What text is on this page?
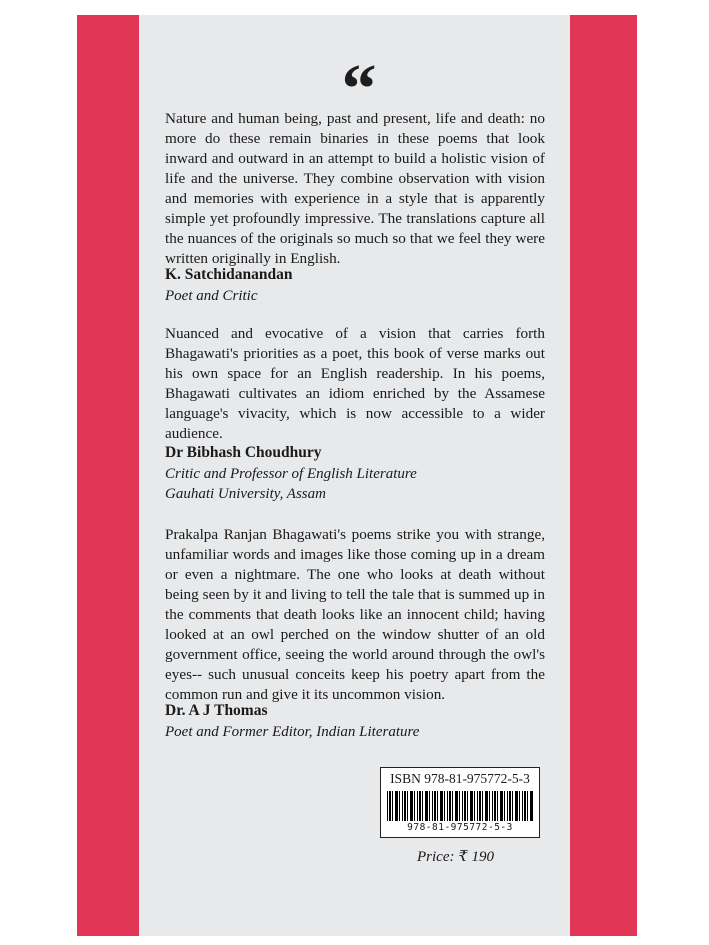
“

Nature and human being, past and present, life and death: no more do these remain binaries in these poems that look inward and outward in an attempt to build a holistic vision of life and the universe. They combine observation with vision and memories with experience in a style that is apparently simple yet profoundly impressive. The translations capture all the nuances of the originals so much so that we feel they were written originally in English.

K. Satchidanandan
Poet and Critic

Nuanced and evocative of a vision that carries forth Bhagawati's priorities as a poet, this book of verse marks out his own space for an English readership. In his poems, Bhagawati cultivates an idiom enriched by the Assamese language's vivacity, which is now accessible to a wider audience.

Dr Bibhash Choudhury
Critic and Professor of English Literature
Gauhati University, Assam

Prakalpa Ranjan Bhagawati's poems strike you with strange, unfamiliar words and images like those coming up in a dream or even a nightmare. The one who looks at death without being seen by it and living to tell the tale that is summed up in the comments that death looks like an innocent child; having looked at an owl perched on the window shutter of an old government office, seeing the world around through the owl's eyes-- such unusual conceits keep his poetry apart from the common run and give it its uncommon vision.

Dr. A J Thomas
Poet and Former Editor, Indian Literature
ISBN 978-81-975772-5-3
978-81-975772-5-3
Price: ₹ 190
